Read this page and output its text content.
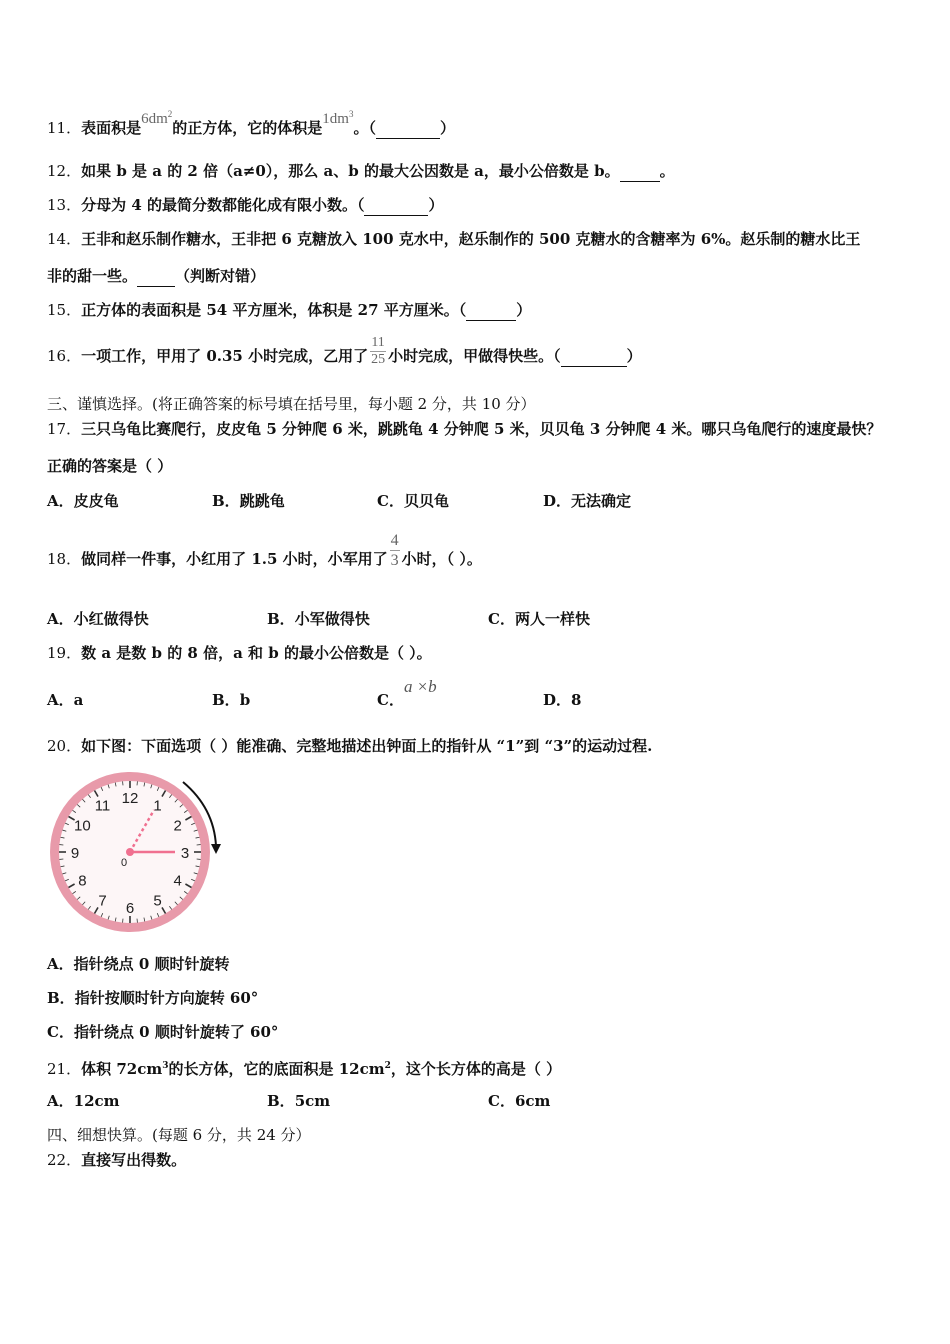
11．表面积是$6dm^2$的正方体，它的体积是$1dm^3$。（	）
12．如果 b 是 a 的 2 倍（a≠0），那么 a、b 的最大公因数是 a，最小公倍数是 b。	。
13．分母为 4 的最简分数都能化成有限小数。（	）
14．王非和赵乐制作糖水，王非把 6 克糖放入 100 克水中，赵乐制作的 500 克糖水的含糖率为 6%。赵乐制的糖水比王
非的甜一些。	（判断对错）
15．正方体的表面积是 54 平方厘米，体积是 27 平方厘米。（	）
16．一项工作，甲用了 0.35 小时完成，乙用了 $\frac{11}{25}$ 小时完成，甲做得快些。（	）
三、谨慎选择。(将正确答案的标号填在括号里，每小题 2 分，共 10 分）
17．三只乌龟比赛爬行，皮皮龟 5 分钟爬 6 米，跳跳龟 4 分钟爬 5 米，贝贝龟 3 分钟爬 4 米。哪只乌龟爬行的速度最快？
正确的答案是（ ）
A．皮皮龟	B．跳跳龟	C．贝贝龟	D．无法确定
18．做同样一件事，小红用了 1.5 小时，小军用了 $\frac{4}{3}$ 小时，（ ）。
A．小红做得快	B．小军做得快	C．两人一样快
19．数 a 是数 b 的 8 倍，a 和 b 的最小公倍数是（ ）。
A．a	B．b	C．a ×b
D．8
20．如下图：下面选项（ ）能准确、完整地描述出钟面上的指针从 “1”到 “3”的运动过程.
12 1
2
3
4
5
6
7
8
9
10
11
0
A．指针绕点 0 顺时针旋转
B．指针按顺时针方向旋转 60°
C．指针绕点 0 顺时针旋转了 60°
21．体积 $72cm^3$的长方体，它的底面积是 $12cm^2$，这个长方体的高是（ ）
A．12cm	B．5cm	C．6cm
四、细想快算。(每题 6 分，共 24 分）
22．直接写出得数。
